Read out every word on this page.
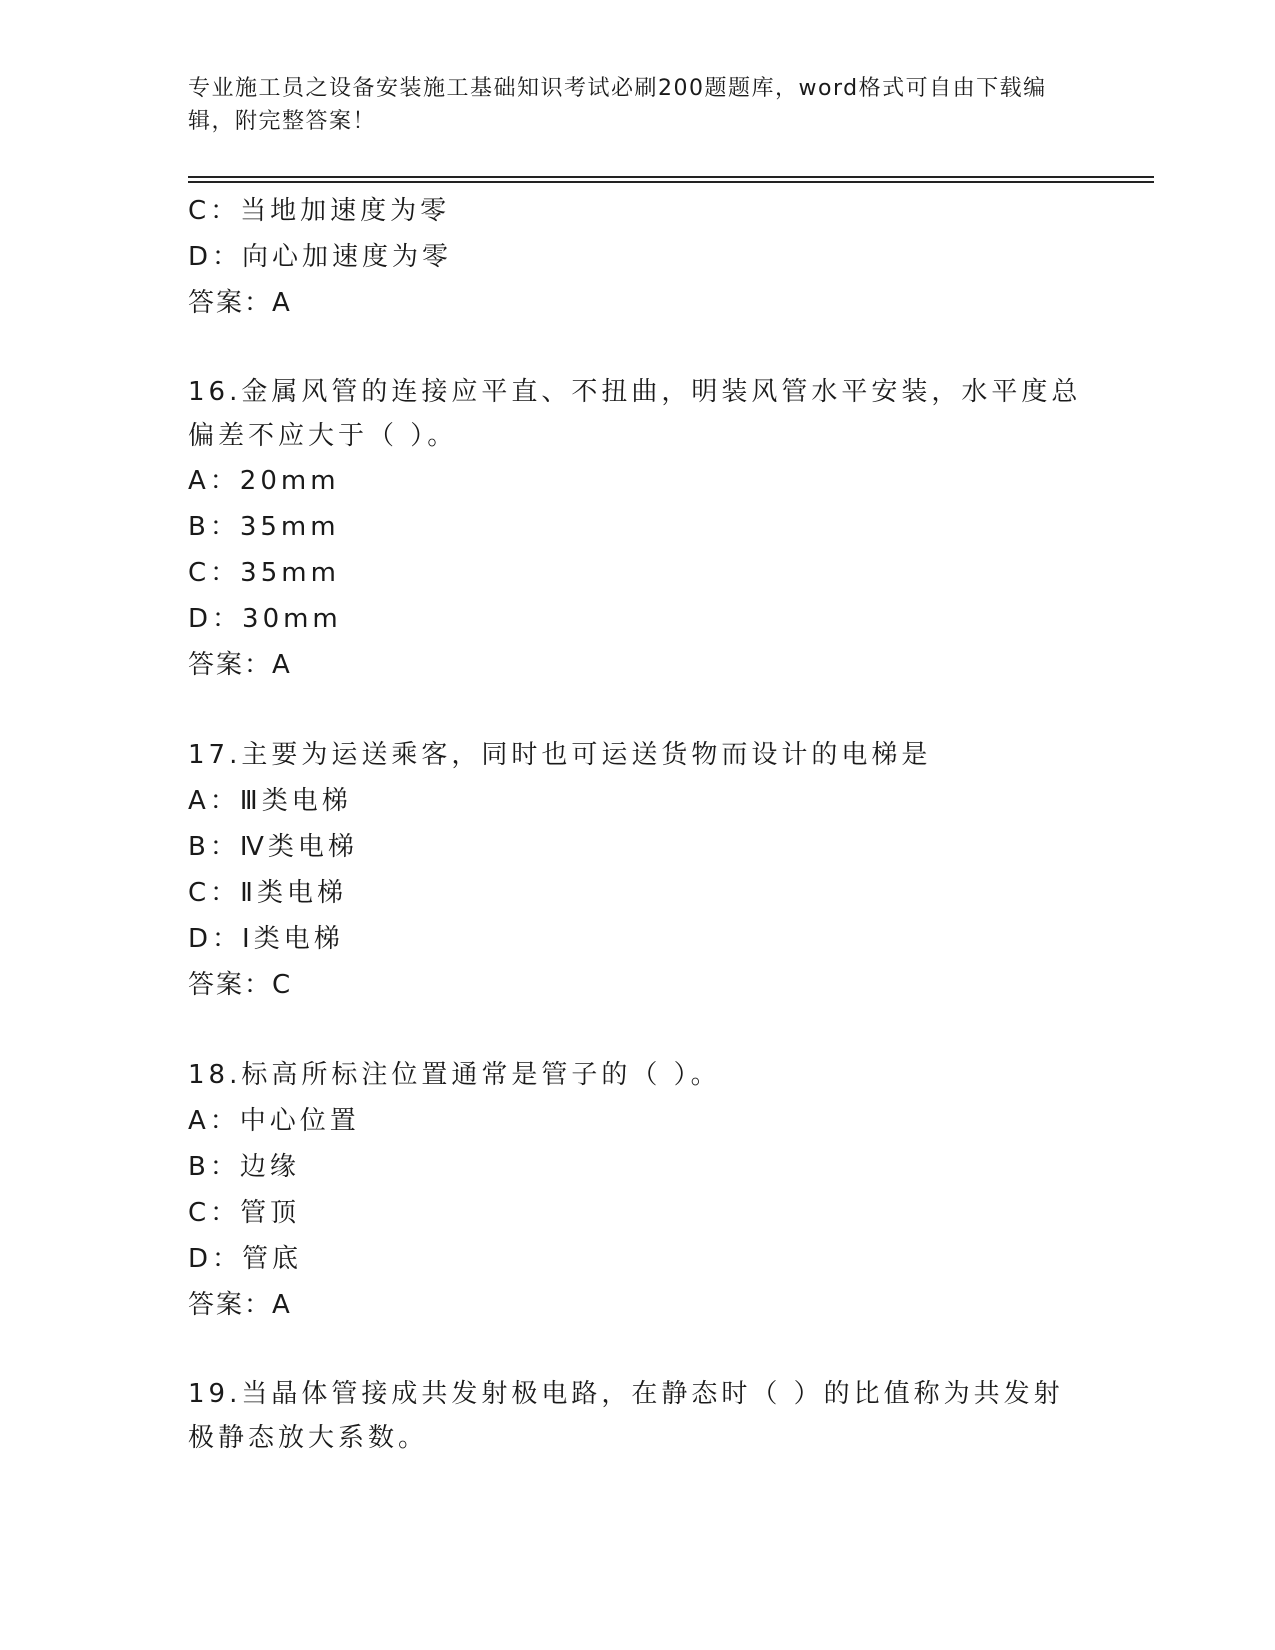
专业施工员之设备安装施工基础知识考试必刷200题题库，word格式可自由下载编辑，附完整答案！
C：当地加速度为零
D：向心加速度为零
答案：A
16.金属风管的连接应平直、不扭曲，明装风管水平安装，水平度总偏差不应大于（ ）。
A：20mm
B：35mm
C：35mm
D：30mm
答案：A
17.主要为运送乘客，同时也可运送货物而设计的电梯是
A：Ⅲ类电梯
B：Ⅳ类电梯
C：Ⅱ类电梯
D：Ⅰ类电梯
答案：C
18.标高所标注位置通常是管子的（ ）。
A：中心位置
B：边缘
C：管顶
D：管底
答案：A
19.当晶体管接成共发射极电路，在静态时（ ）的比值称为共发射极静态放大系数。
